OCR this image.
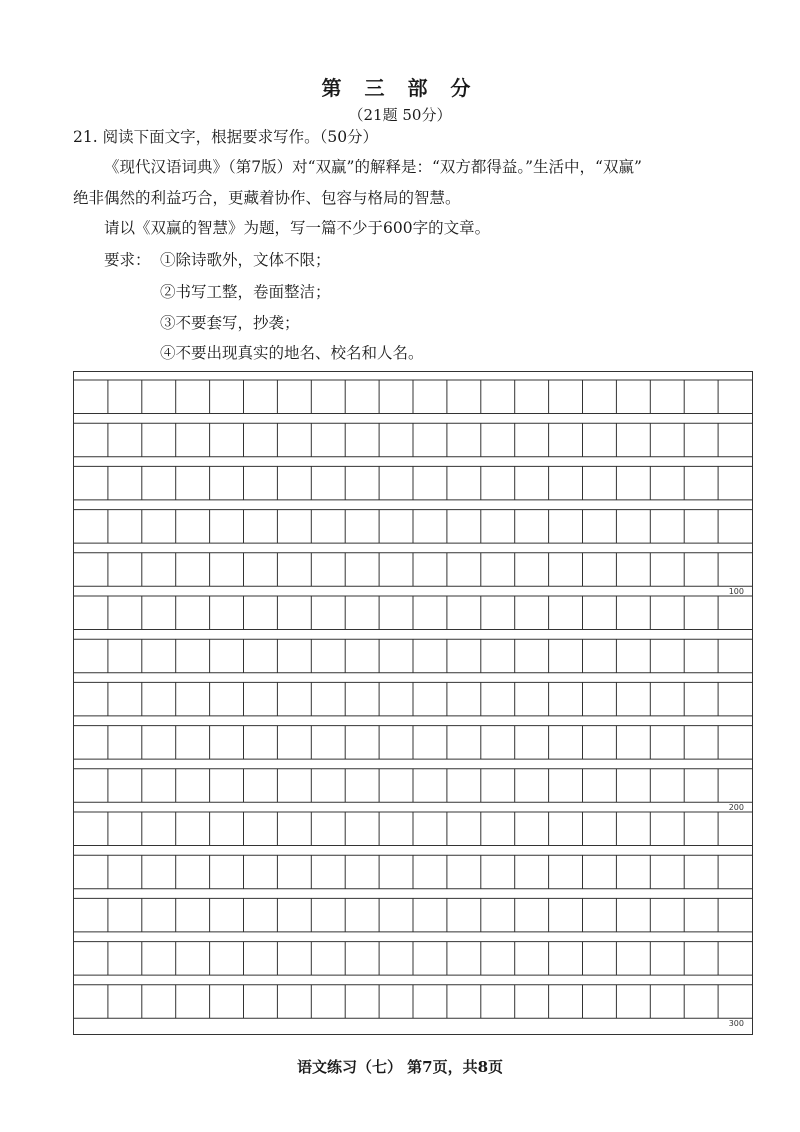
第 三 部 分
（21题 50分）
21. 阅读下面文字，根据要求写作。（50分）
《现代汉语词典》（第7版）对“双赢”的解释是：“双方都得益。”生活中，“双赢”
绝非偶然的利益巧合，更藏着协作、包容与格局的智慧。
请以《双赢的智慧》为题，写一篇不少于600字的文章。
要求： ①除诗歌外，文体不限；
②书写工整，卷面整洁；
③不要套写，抄袭；
④不要出现真实的地名、校名和人名。
100
200
300
语文练习（七） 第7页，共8页
